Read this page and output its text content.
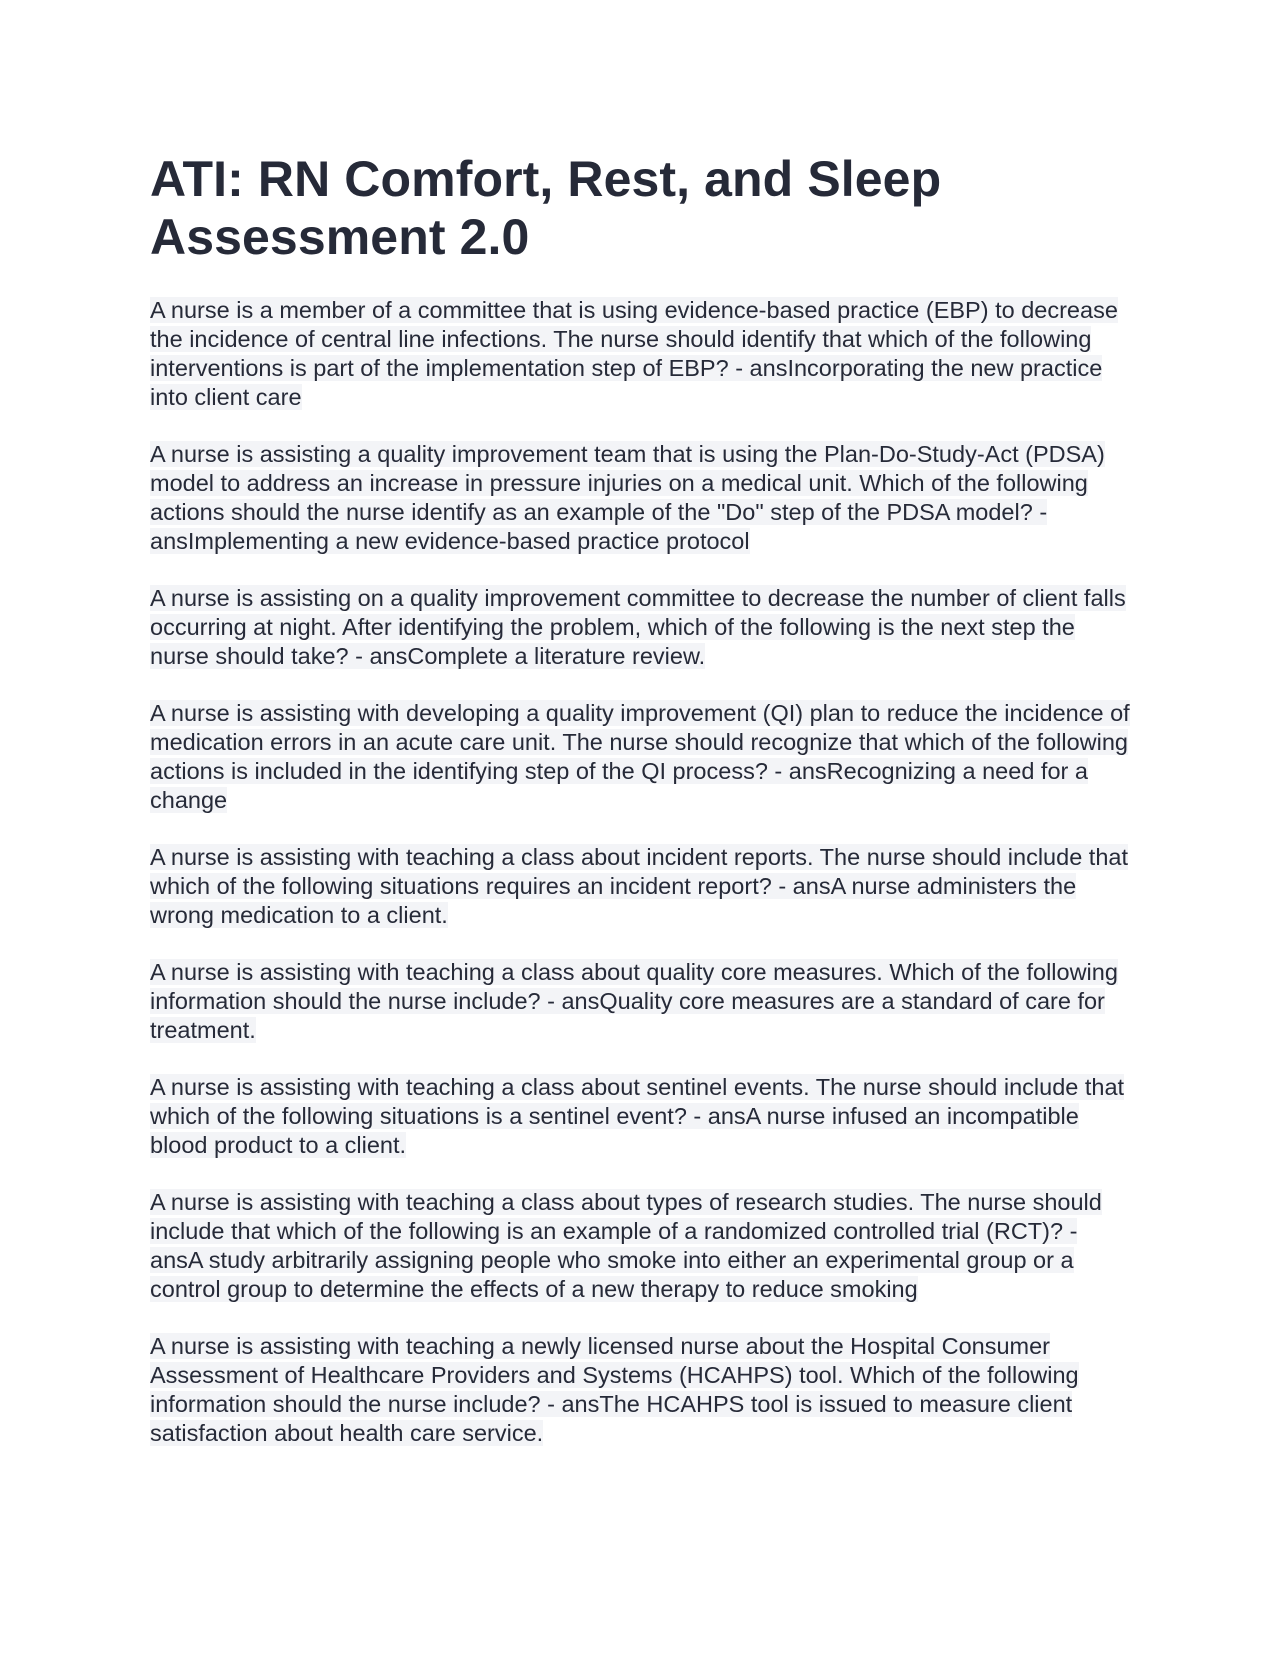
ATI: RN Comfort, Rest, and Sleep Assessment 2.0

A nurse is a member of a committee that is using evidence-based practice (EBP) to decrease the incidence of central line infections. The nurse should identify that which of the following interventions is part of the implementation step of EBP? - ansIncorporating the new practice into client care

A nurse is assisting a quality improvement team that is using the Plan-Do-Study-Act (PDSA) model to address an increase in pressure injuries on a medical unit. Which of the following actions should the nurse identify as an example of the "Do" step of the PDSA model? - ansImplementing a new evidence-based practice protocol

A nurse is assisting on a quality improvement committee to decrease the number of client falls occurring at night. After identifying the problem, which of the following is the next step the nurse should take? - ansComplete a literature review.

A nurse is assisting with developing a quality improvement (QI) plan to reduce the incidence of medication errors in an acute care unit. The nurse should recognize that which of the following actions is included in the identifying step of the QI process? - ansRecognizing a need for a change

A nurse is assisting with teaching a class about incident reports. The nurse should include that which of the following situations requires an incident report? - ansA nurse administers the wrong medication to a client.

A nurse is assisting with teaching a class about quality core measures. Which of the following information should the nurse include? - ansQuality core measures are a standard of care for treatment.

A nurse is assisting with teaching a class about sentinel events. The nurse should include that which of the following situations is a sentinel event? - ansA nurse infused an incompatible blood product to a client.

A nurse is assisting with teaching a class about types of research studies. The nurse should include that which of the following is an example of a randomized controlled trial (RCT)? - ansA study arbitrarily assigning people who smoke into either an experimental group or a control group to determine the effects of a new therapy to reduce smoking

A nurse is assisting with teaching a newly licensed nurse about the Hospital Consumer Assessment of Healthcare Providers and Systems (HCAHPS) tool. Which of the following information should the nurse include? - ansThe HCAHPS tool is issued to measure client satisfaction about health care service.
